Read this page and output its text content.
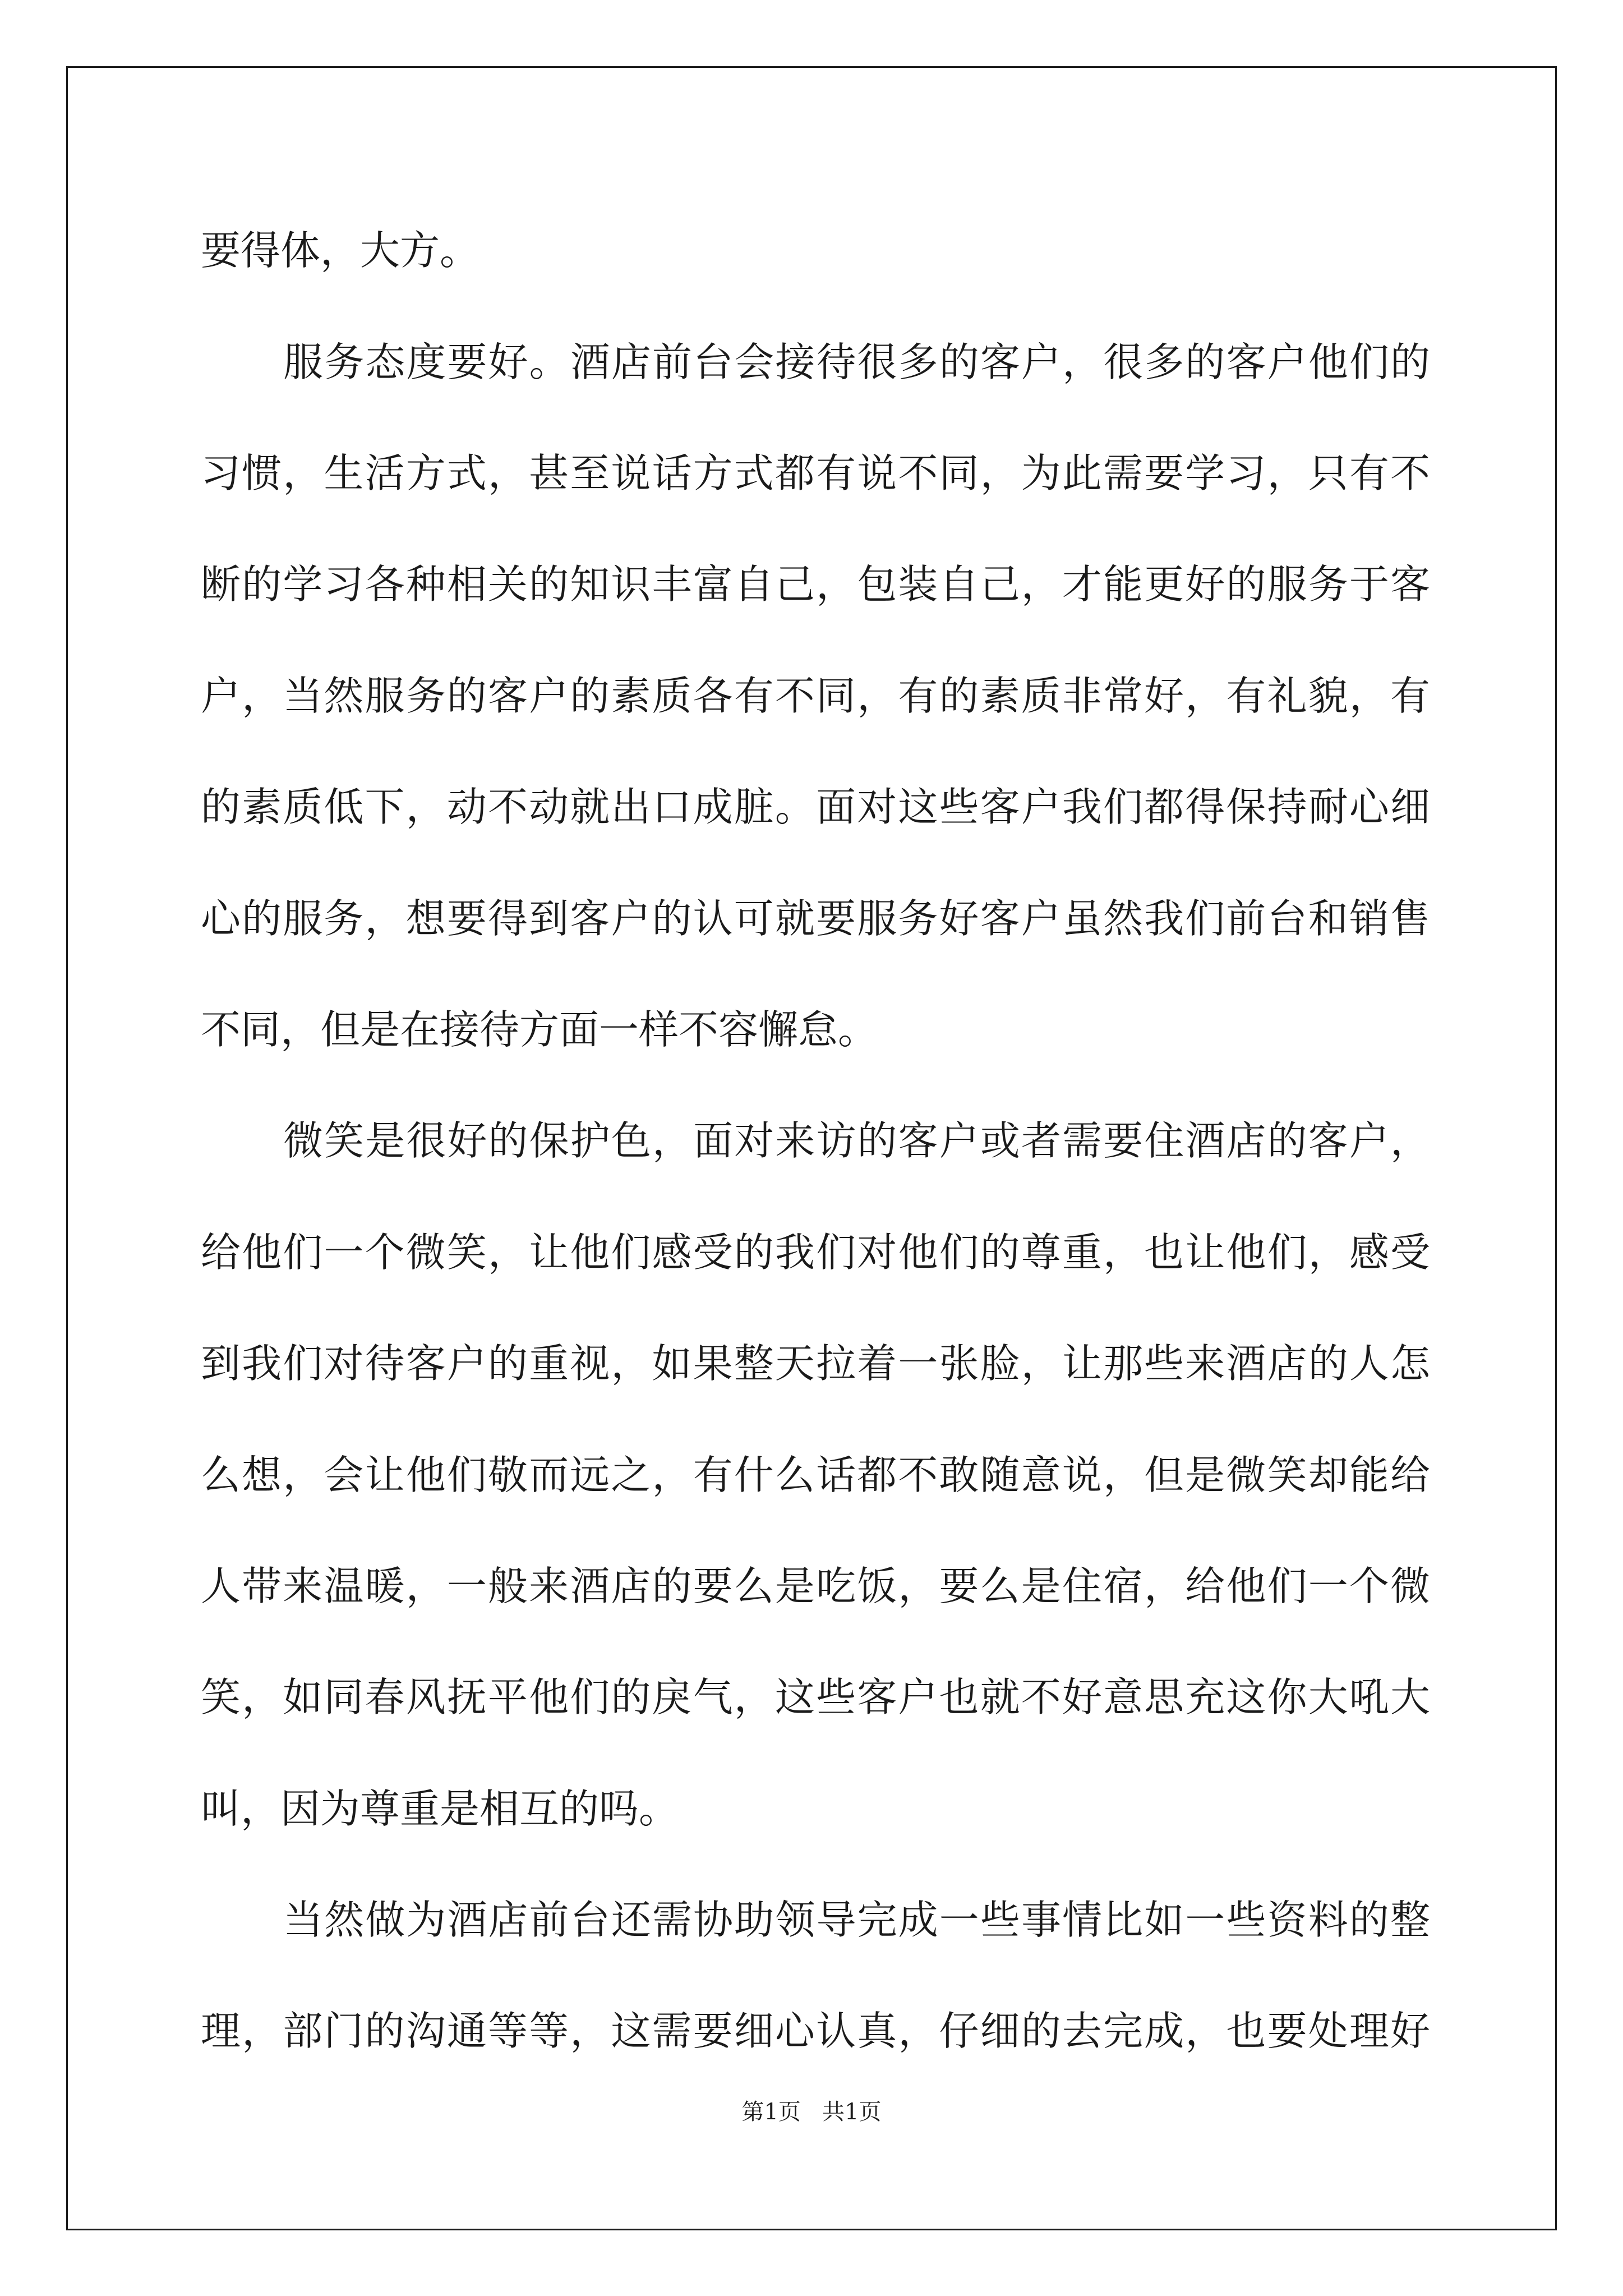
要得体，大方。
服务态度要好。酒店前台会接待很多的客户，很多的客户他们的
习惯，生活方式，甚至说话方式都有说不同，为此需要学习，只有不
断的学习各种相关的知识丰富自己，包装自己，才能更好的服务于客
户，当然服务的客户的素质各有不同，有的素质非常好，有礼貌，有
的素质低下，动不动就出口成脏。面对这些客户我们都得保持耐心细
心的服务，想要得到客户的认可就要服务好客户虽然我们前台和销售
不同，但是在接待方面一样不容懈怠。
微笑是很好的保护色，面对来访的客户或者需要住酒店的客户，
给他们一个微笑，让他们感受的我们对他们的尊重，也让他们，感受
到我们对待客户的重视，如果整天拉着一张脸，让那些来酒店的人怎
么想，会让他们敬而远之，有什么话都不敢随意说，但是微笑却能给
人带来温暖，一般来酒店的要么是吃饭，要么是住宿，给他们一个微
笑，如同春风抚平他们的戾气，这些客户也就不好意思充这你大吼大
叫，因为尊重是相互的吗。
当然做为酒店前台还需协助领导完成一些事情比如一些资料的整
理，部门的沟通等等，这需要细心认真，仔细的去完成，也要处理好
第1页   共1页
